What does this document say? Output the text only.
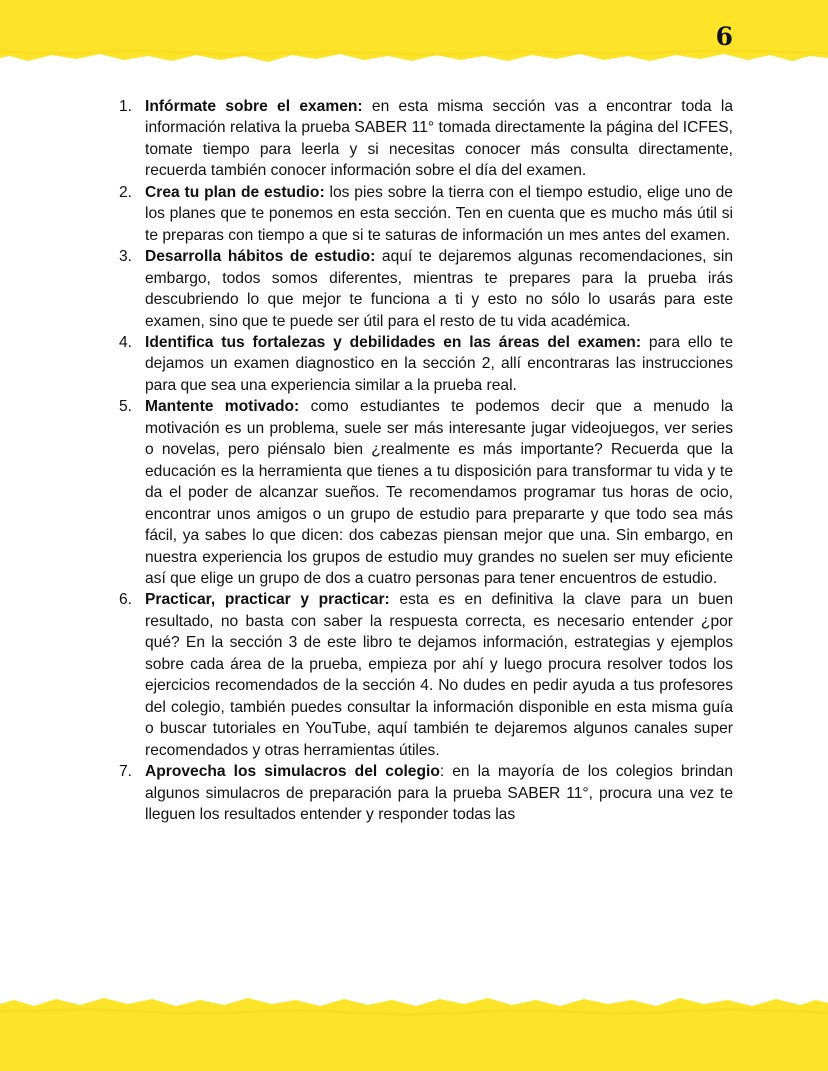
6
1. Infórmate sobre el examen: en esta misma sección vas a encontrar toda la información relativa la prueba SABER 11° tomada directamente la página del ICFES, tomate tiempo para leerla y si necesitas conocer más consulta directamente, recuerda también conocer información sobre el día del examen.
2. Crea tu plan de estudio: los pies sobre la tierra con el tiempo estudio, elige uno de los planes que te ponemos en esta sección. Ten en cuenta que es mucho más útil si te preparas con tiempo a que si te saturas de información un mes antes del examen.
3. Desarrolla hábitos de estudio: aquí te dejaremos algunas recomendaciones, sin embargo, todos somos diferentes, mientras te prepares para la prueba irás descubriendo lo que mejor te funciona a ti y esto no sólo lo usarás para este examen, sino que te puede ser útil para el resto de tu vida académica.
4. Identifica tus fortalezas y debilidades en las áreas del examen: para ello te dejamos un examen diagnostico en la sección 2, allí encontraras las instrucciones para que sea una experiencia similar a la prueba real.
5. Mantente motivado: como estudiantes te podemos decir que a menudo la motivación es un problema, suele ser más interesante jugar videojuegos, ver series o novelas, pero piénsalo bien ¿realmente es más importante? Recuerda que la educación es la herramienta que tienes a tu disposición para transformar tu vida y te da el poder de alcanzar sueños. Te recomendamos programar tus horas de ocio, encontrar unos amigos o un grupo de estudio para prepararte y que todo sea más fácil, ya sabes lo que dicen: dos cabezas piensan mejor que una. Sin embargo, en nuestra experiencia los grupos de estudio muy grandes no suelen ser muy eficiente así que elige un grupo de dos a cuatro personas para tener encuentros de estudio.
6. Practicar, practicar y practicar: esta es en definitiva la clave para un buen resultado, no basta con saber la respuesta correcta, es necesario entender ¿por qué? En la sección 3 de este libro te dejamos información, estrategias y ejemplos sobre cada área de la prueba, empieza por ahí y luego procura resolver todos los ejercicios recomendados de la sección 4. No dudes en pedir ayuda a tus profesores del colegio, también puedes consultar la información disponible en esta misma guía o buscar tutoriales en YouTube, aquí también te dejaremos algunos canales super recomendados y otras herramientas útiles.
7. Aprovecha los simulacros del colegio: en la mayoría de los colegios brindan algunos simulacros de preparación para la prueba SABER 11°, procura una vez te lleguen los resultados entender y responder todas las
